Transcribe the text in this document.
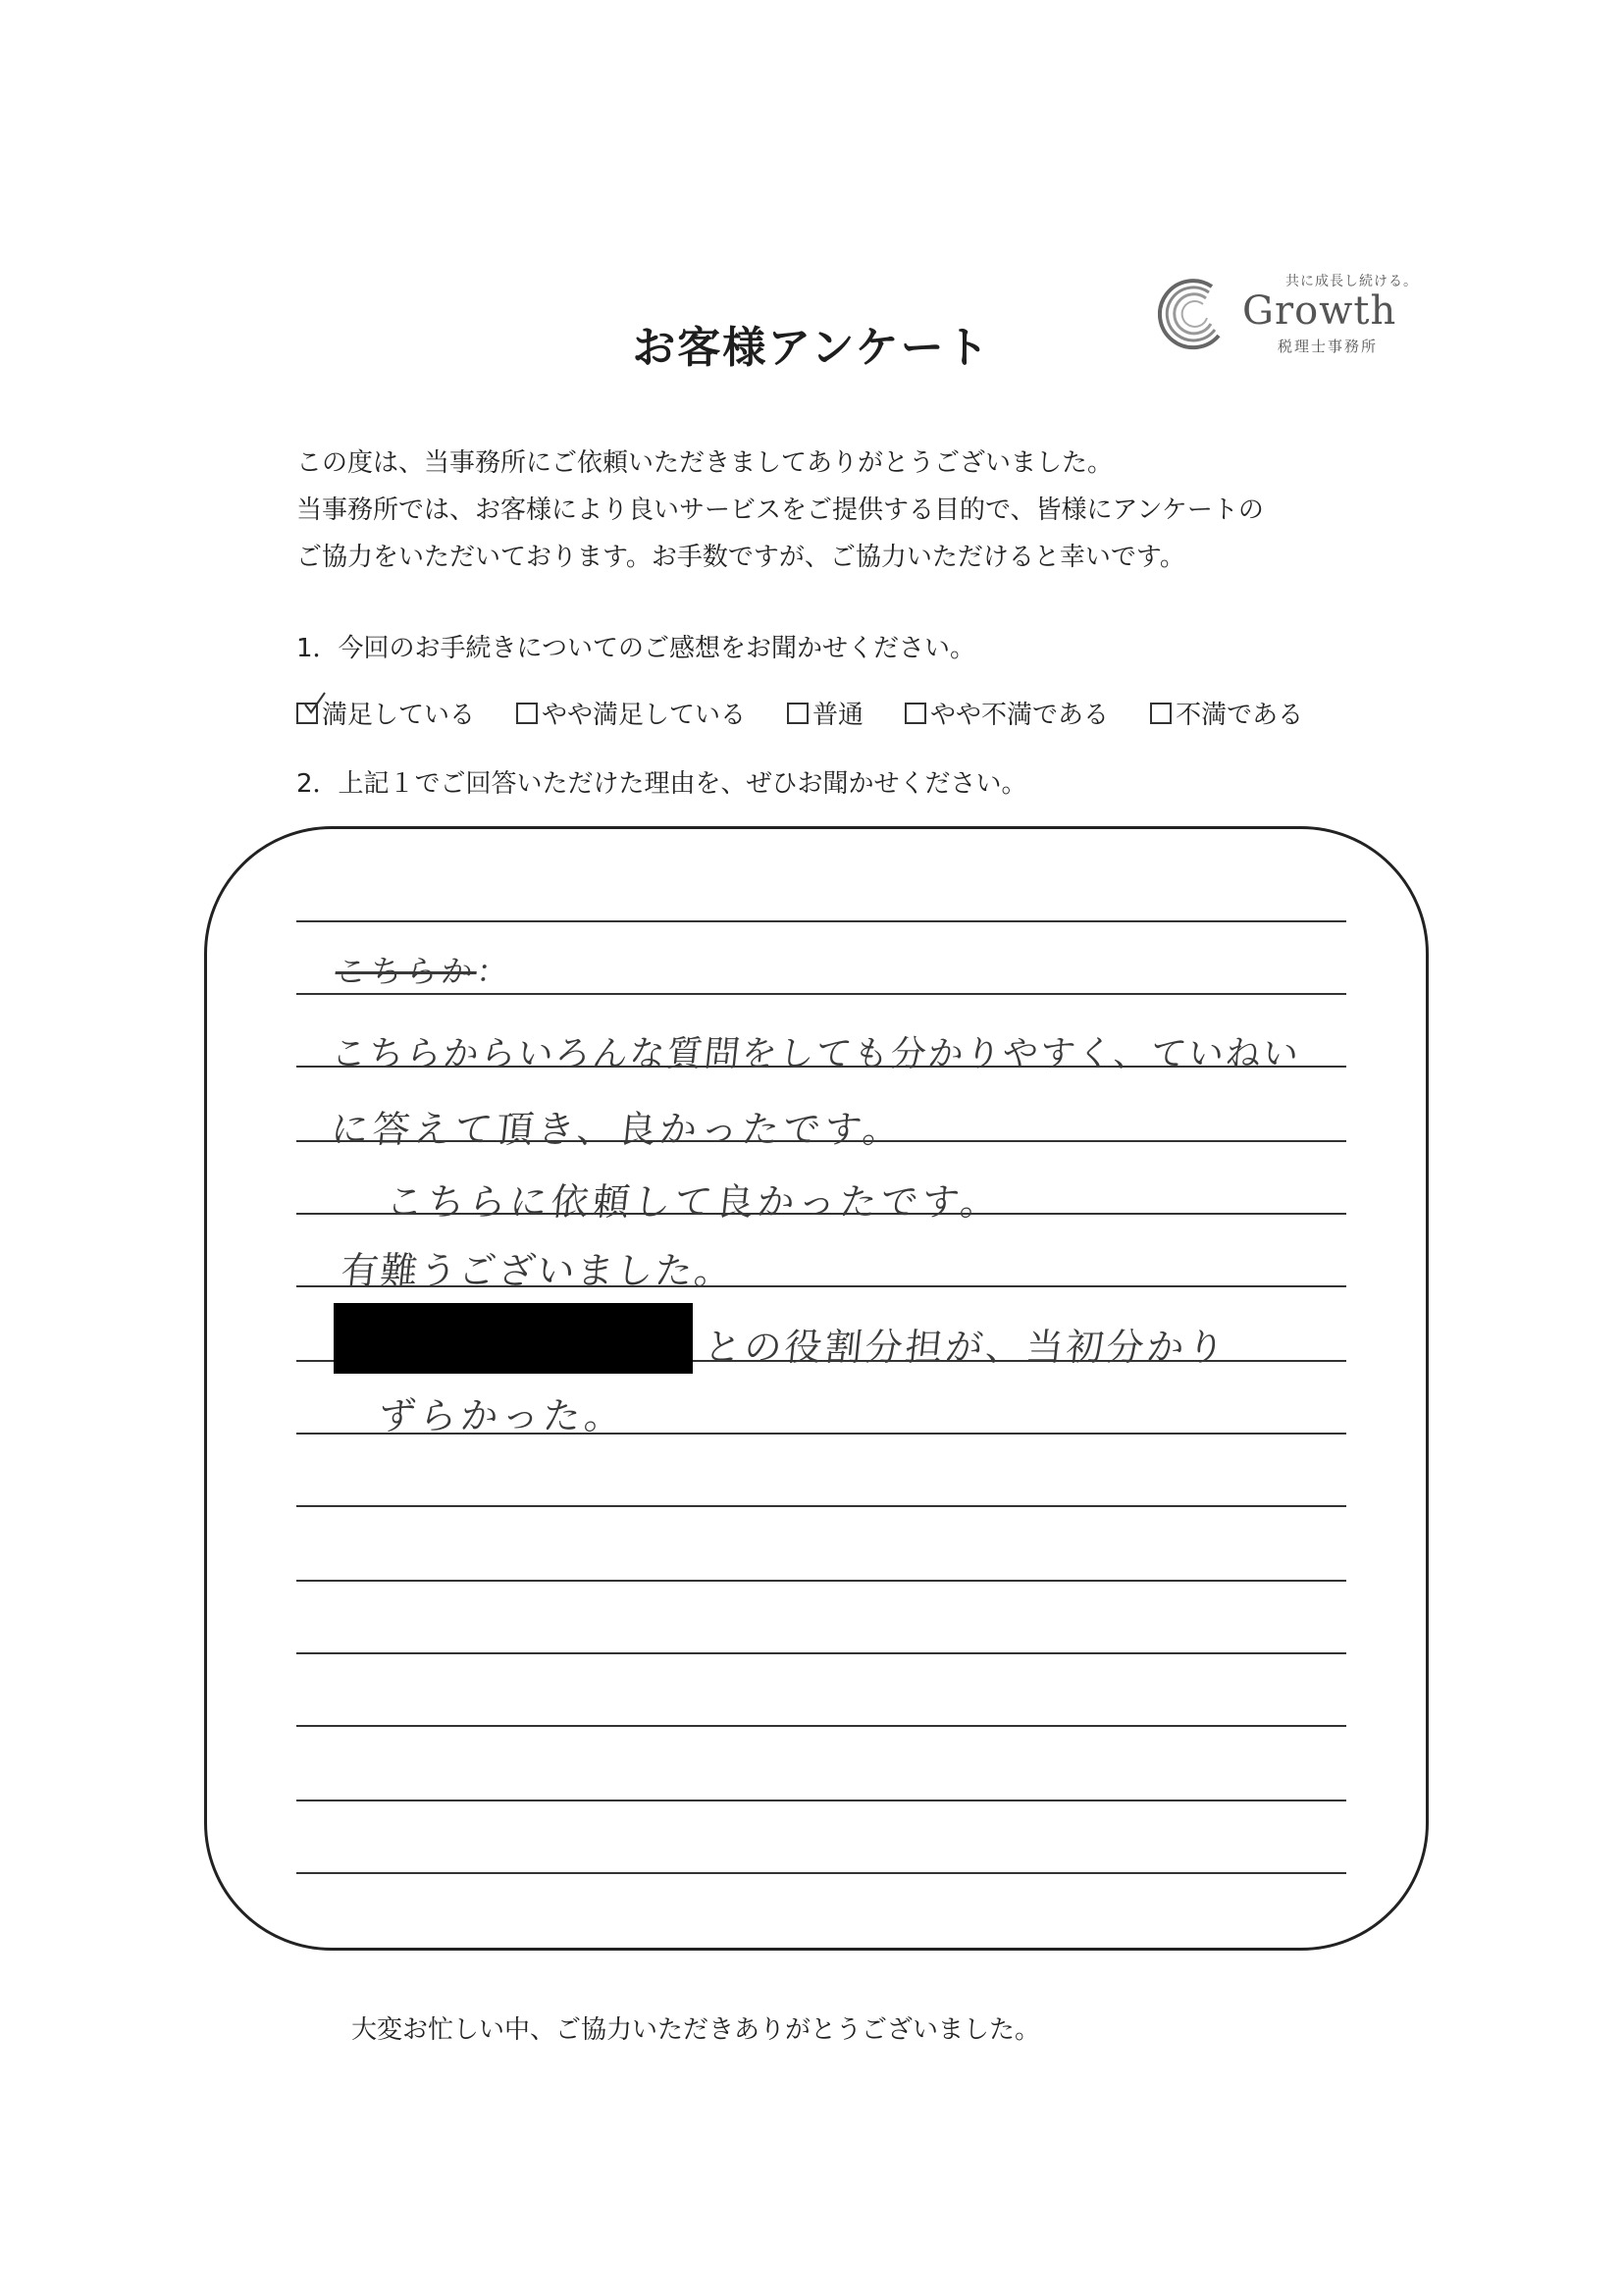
共に成長し続ける。
Growth
税理士事務所
お客様アンケート
この度は、当事務所にご依頼いただきましてありがとうございました。
当事務所では、お客様により良いサービスをご提供する目的で、皆様にアンケートの
ご協力をいただいております。お手数ですが、ご協力いただけると幸いです。
1．今回のお手続きについてのご感想をお聞かせください。
満足している	やや満足している	普通	やや不満である	不満である
2．上記１でご回答いただけた理由を、ぜひお聞かせください。
こちらか：
こちらからいろんな質問をしても分かりやすく、ていねい
に答えて頂き、良かったです。
こちらに依頼して良かったです。
有難うございました。
との役割分担が、当初分かり
ずらかった。
大変お忙しい中、ご協力いただきありがとうございました。
